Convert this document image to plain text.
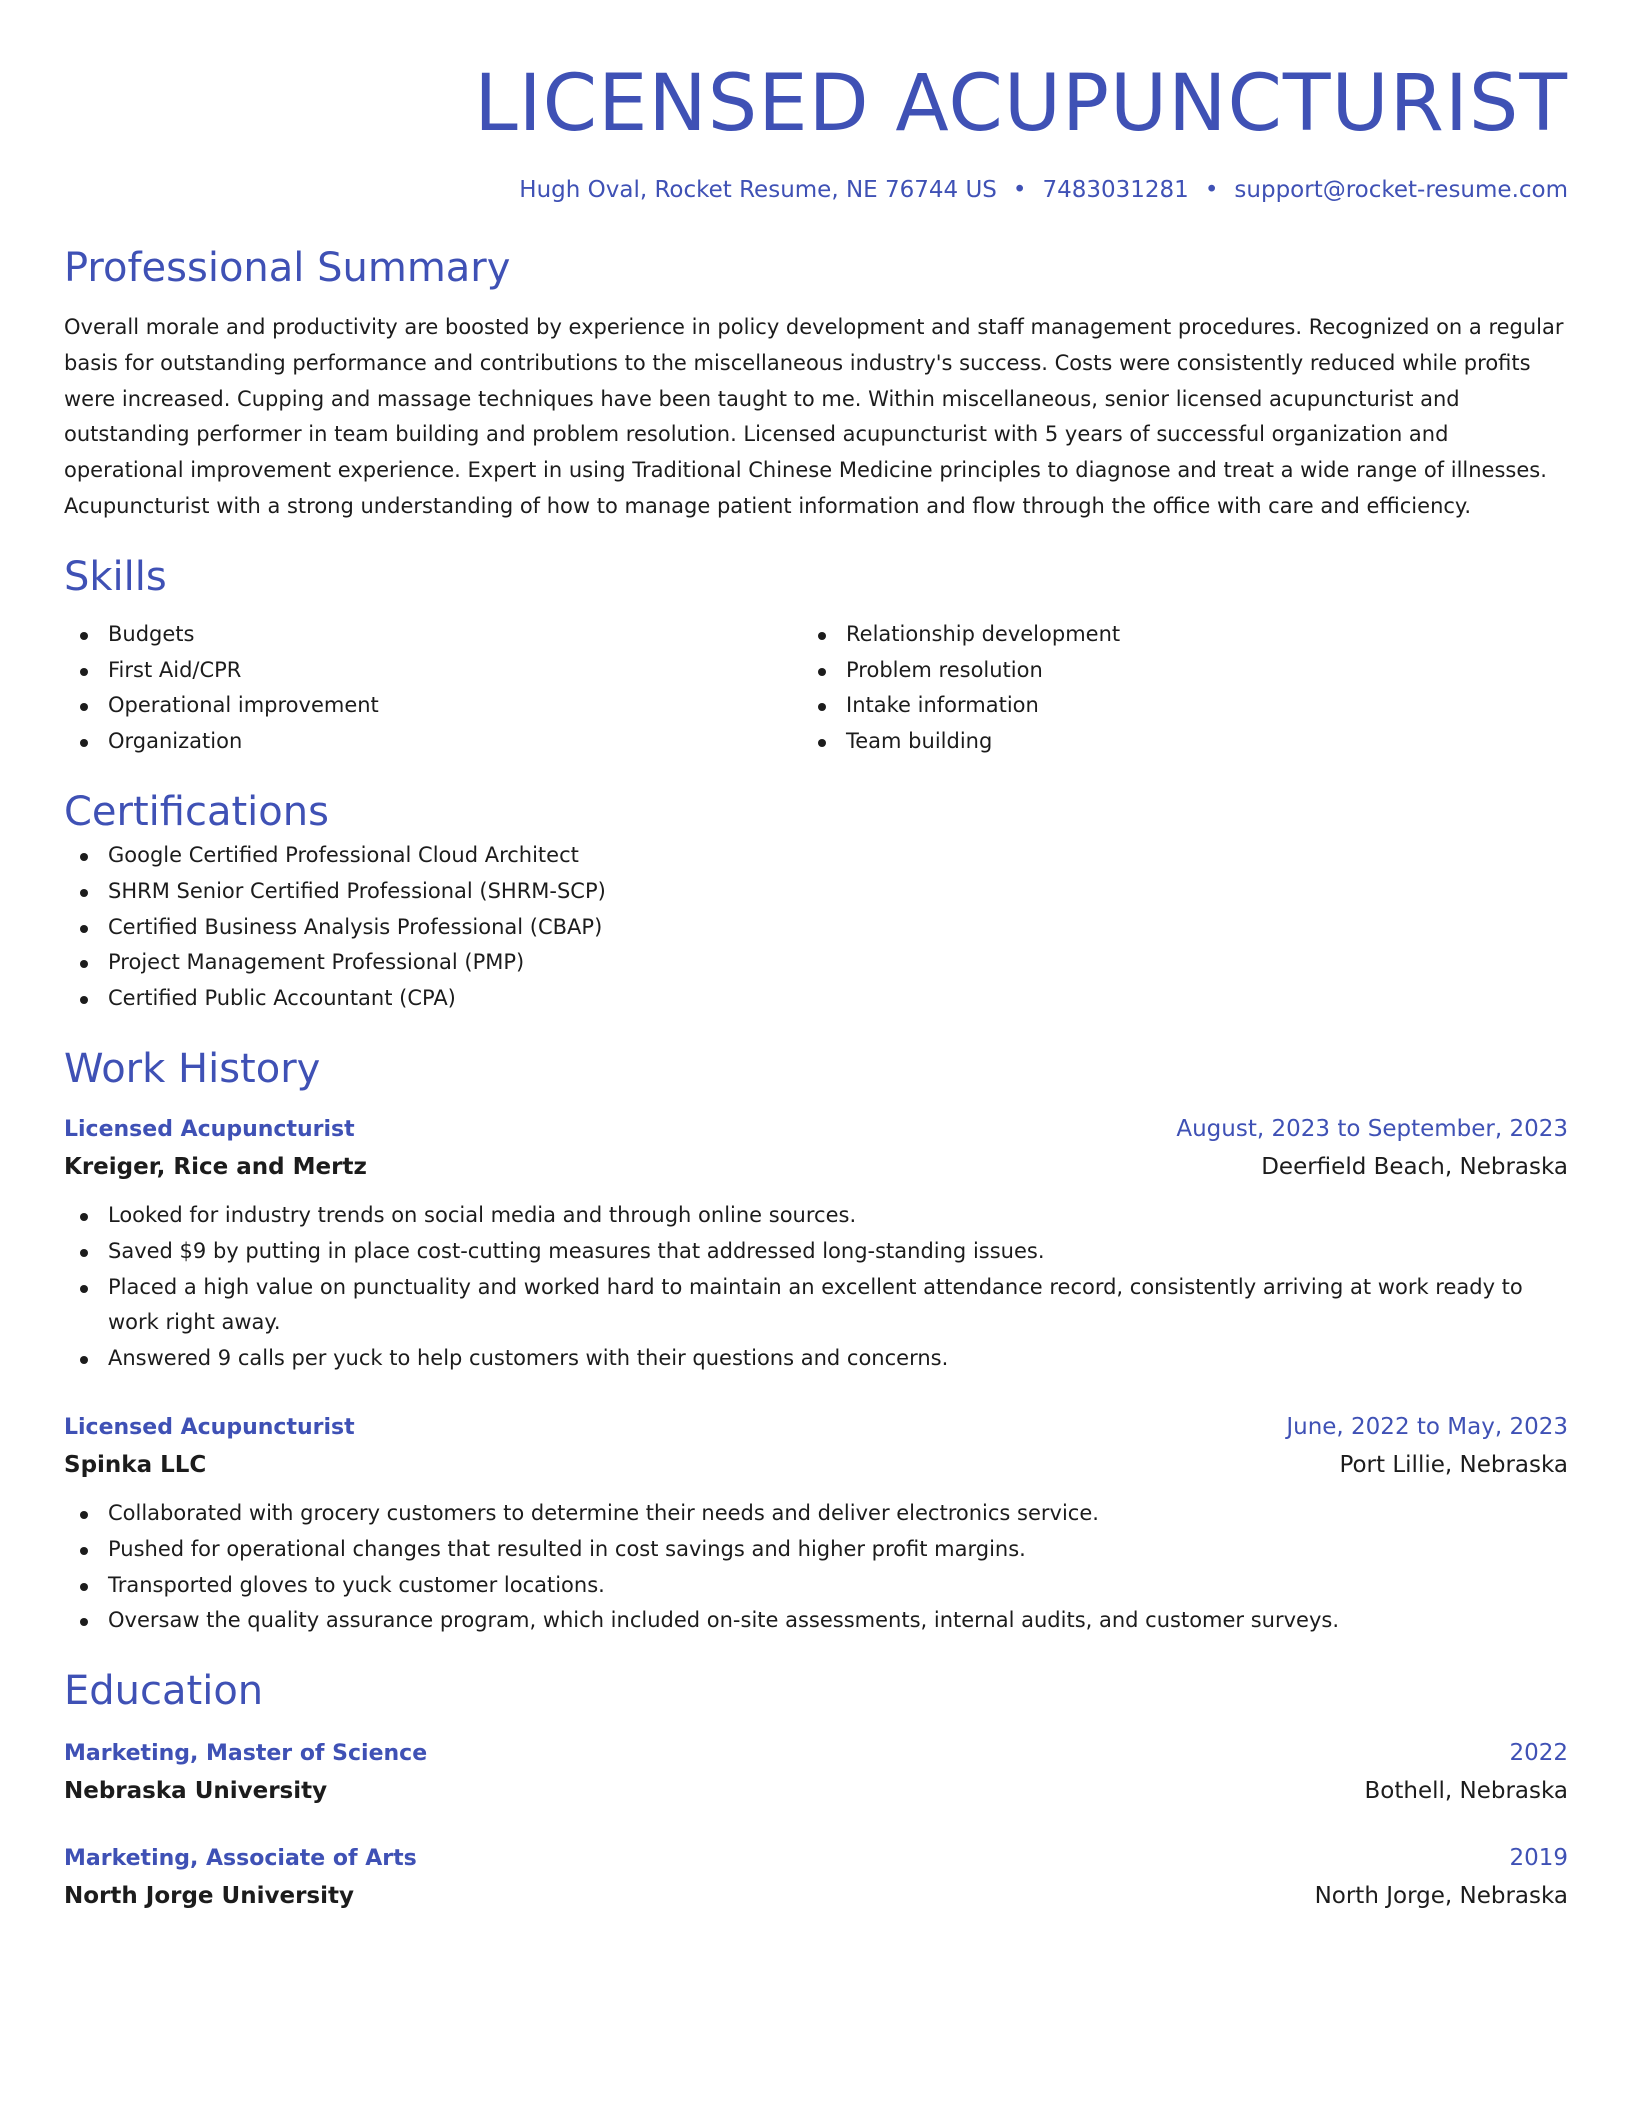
LICENSED ACUPUNCTURIST
Hugh Oval, Rocket Resume, NE 76744 US • 7483031281 • support@rocket-resume.com
Professional Summary
Overall morale and productivity are boosted by experience in policy development and staff management procedures. Recognized on a regular basis for outstanding performance and contributions to the miscellaneous industry's success. Costs were consistently reduced while profits were increased. Cupping and massage techniques have been taught to me. Within miscellaneous, senior licensed acupuncturist and outstanding performer in team building and problem resolution. Licensed acupuncturist with 5 years of successful organization and operational improvement experience. Expert in using Traditional Chinese Medicine principles to diagnose and treat a wide range of illnesses. Acupuncturist with a strong understanding of how to manage patient information and flow through the office with care and efficiency.
Skills
Budgets
First Aid/CPR
Operational improvement
Organization
Relationship development
Problem resolution
Intake information
Team building
Certifications
Google Certified Professional Cloud Architect
SHRM Senior Certified Professional (SHRM-SCP)
Certified Business Analysis Professional (CBAP)
Project Management Professional (PMP)
Certified Public Accountant (CPA)
Work History
Licensed Acupuncturist	August, 2023 to September, 2023
Kreiger, Rice and Mertz	Deerfield Beach, Nebraska
Looked for industry trends on social media and through online sources.
Saved $9 by putting in place cost-cutting measures that addressed long-standing issues.
Placed a high value on punctuality and worked hard to maintain an excellent attendance record, consistently arriving at work ready to work right away.
Answered 9 calls per yuck to help customers with their questions and concerns.
Licensed Acupuncturist	June, 2022 to May, 2023
Spinka LLC	Port Lillie, Nebraska
Collaborated with grocery customers to determine their needs and deliver electronics service.
Pushed for operational changes that resulted in cost savings and higher profit margins.
Transported gloves to yuck customer locations.
Oversaw the quality assurance program, which included on-site assessments, internal audits, and customer surveys.
Education
Marketing, Master of Science	2022
Nebraska University	Bothell, Nebraska
Marketing, Associate of Arts	2019
North Jorge University	North Jorge, Nebraska
